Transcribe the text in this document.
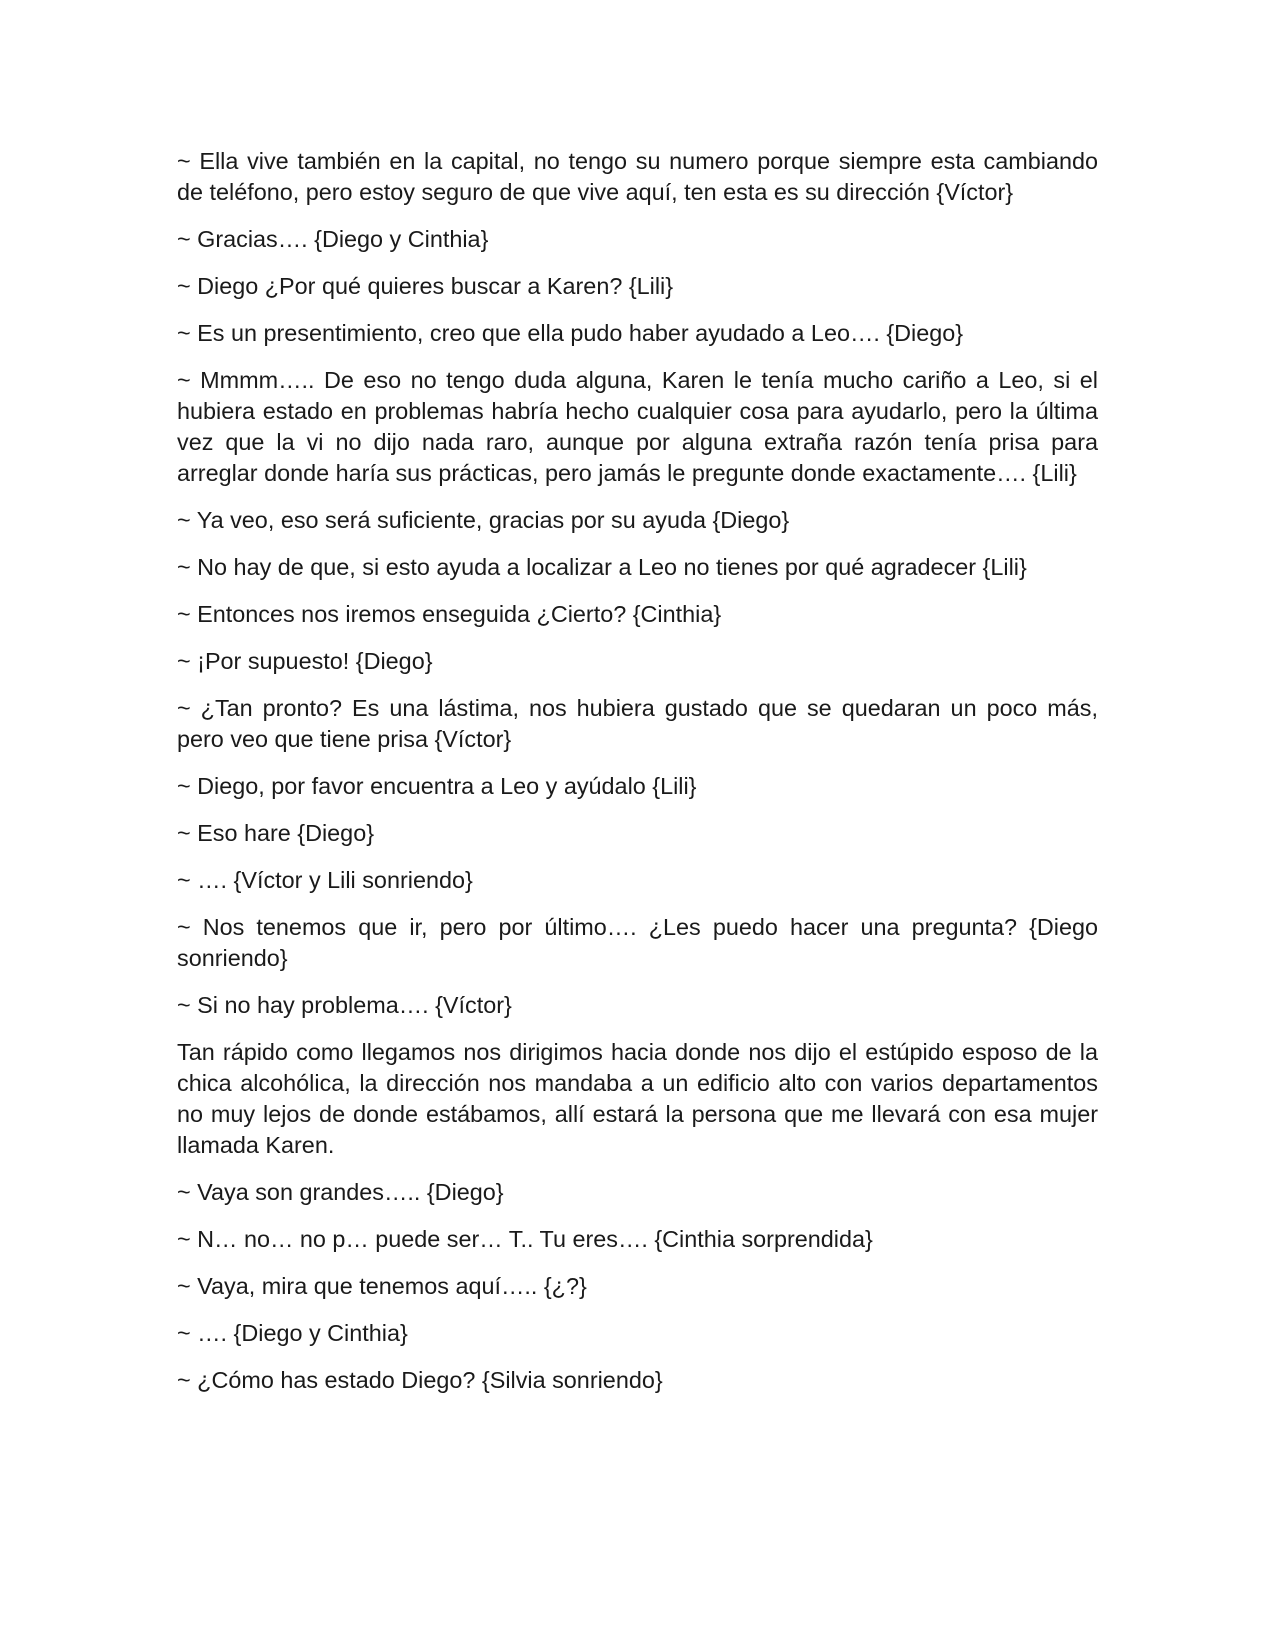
~ Ella vive también en la capital, no tengo su numero porque siempre esta cambiando de teléfono, pero estoy seguro de que vive aquí, ten esta es su dirección {Víctor}

~ Gracias…. {Diego y Cinthia}

~ Diego ¿Por qué quieres buscar a Karen? {Lili}

~ Es un presentimiento, creo que ella pudo haber ayudado a Leo…. {Diego}

~ Mmmm….. De eso no tengo duda alguna, Karen le tenía mucho cariño a Leo, si el hubiera estado en problemas habría hecho cualquier cosa para ayudarlo, pero la última vez que la vi no dijo nada raro, aunque por alguna extraña razón tenía prisa para arreglar donde haría sus prácticas, pero jamás le pregunte donde exactamente…. {Lili}

~ Ya veo, eso será suficiente, gracias por su ayuda {Diego}

~ No hay de que, si esto ayuda a localizar a Leo no tienes por qué agradecer {Lili}

~ Entonces nos iremos enseguida ¿Cierto? {Cinthia}

~ ¡Por supuesto! {Diego}

~ ¿Tan pronto? Es una lástima, nos hubiera gustado que se quedaran un poco más, pero veo que tiene prisa {Víctor}

~ Diego, por favor encuentra a Leo y ayúdalo {Lili}

~ Eso hare {Diego}

~ …. {Víctor y Lili sonriendo}

~ Nos tenemos que ir, pero por último…. ¿Les puedo hacer una pregunta? {Diego sonriendo}

~ Si no hay problema…. {Víctor}

Tan rápido como llegamos nos dirigimos hacia donde nos dijo el estúpido esposo de la chica alcohólica, la dirección nos mandaba a un edificio alto con varios departamentos no muy lejos de donde estábamos, allí estará la persona que me llevará con esa mujer llamada Karen.

~ Vaya son grandes….. {Diego}

~ N… no… no p… puede ser… T.. Tu eres…. {Cinthia sorprendida}

~ Vaya, mira que tenemos aquí….. {¿?}

~ …. {Diego y Cinthia}

~ ¿Cómo has estado Diego? {Silvia sonriendo}
